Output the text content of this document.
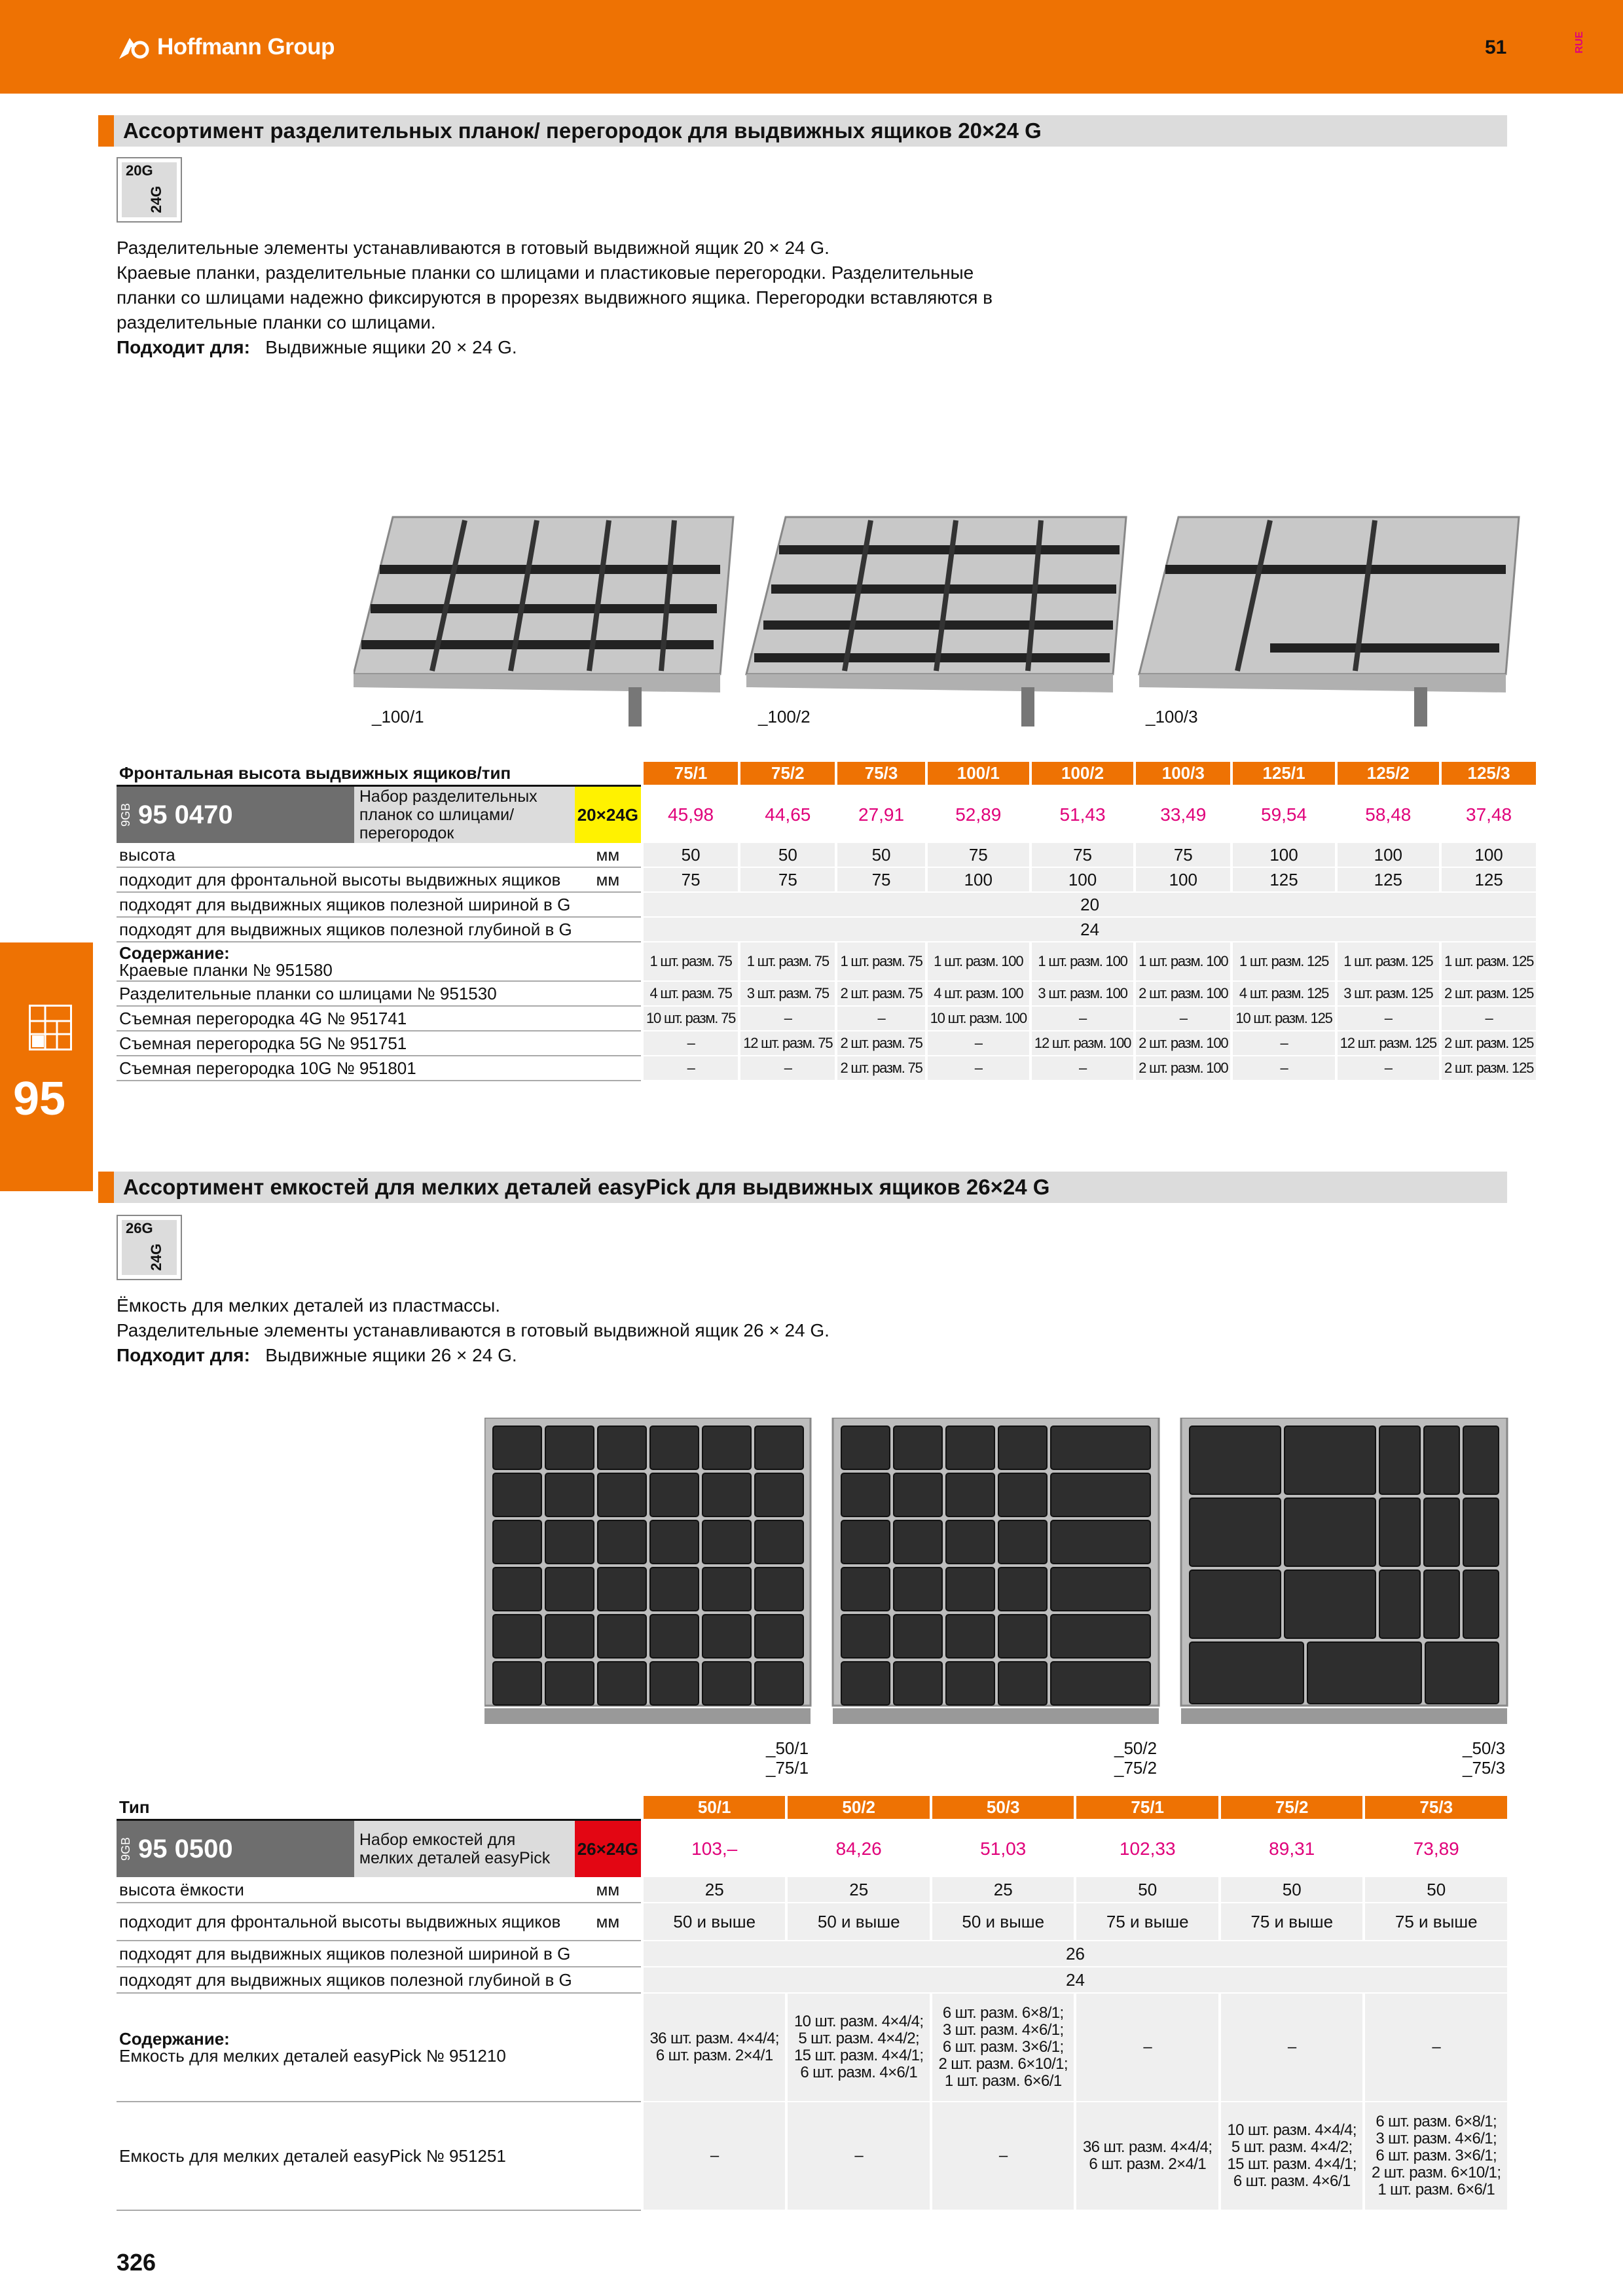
Hoffmann Group	51	RUE
Ассортимент разделительных планок/ перегородок для выдвижных ящиков 20×24 G
20G
24G
Разделительные элементы устанавливаются в готовый выдвижной ящик 20 × 24 G.
Краевые планки, разделительные планки со шлицами и пластиковые перегородки. Разделительные
планки со шлицами надежно фиксируются в прорезях выдвижного ящика. Перегородки вставляются в
разделительные планки со шлицами.
Подходит для: Выдвижные ящики 20 × 24 G.
_100/1	_100/2	_100/3
Фронтальная высота выдвижных ящиков/тип			75/1	75/2	75/3	100/1	100/2	100/3	125/1	125/2	125/3
9GB 95 0470	Набор разделительных планок со шлицами/перегородок	20×24G	45,98	44,65	27,91	52,89	51,43	33,49	59,54	58,48	37,48
высота		мм	50	50	50	75	75	75	100	100	100
подходит для фронтальной высоты выдвижных ящиков		мм	75	75	75	100	100	100	125	125	125
подходят для выдвижных ящиков полезной шириной в G			20								
подходят для выдвижных ящиков полезной глубиной в G			24								
Содержание:
Краевые планки № 951580			1 шт. разм. 75	1 шт. разм. 75	1 шт. разм. 75	1 шт. разм. 100	1 шт. разм. 100	1 шт. разм. 100	1 шт. разм. 125	1 шт. разм. 125	1 шт. разм. 125
Разделительные планки со шлицами № 951530			4 шт. разм. 75	3 шт. разм. 75	2 шт. разм. 75	4 шт. разм. 100	3 шт. разм. 100	2 шт. разм. 100	4 шт. разм. 125	3 шт. разм. 125	2 шт. разм. 125
Съемная перегородка 4G № 951741			10 шт. разм. 75	–	–	10 шт. разм. 100	–	–	10 шт. разм. 125	–	–
Съемная перегородка 5G № 951751			–	12 шт. разм. 75	2 шт. разм. 75	–	12 шт. разм. 100	2 шт. разм. 100	–	12 шт. разм. 125	2 шт. разм. 125
Съемная перегородка 10G № 951801			–	–	2 шт. разм. 75	–	–	2 шт. разм. 100	–	–	2 шт. разм. 125
95
Ассортимент емкостей для мелких деталей easyPick для выдвижных ящиков 26×24 G
26G
24G
Ёмкость для мелких деталей из пластмассы.
Разделительные элементы устанавливаются в готовый выдвижной ящик 26 × 24 G.
Подходит для: Выдвижные ящики 26 × 24 G.
_50/1
_75/1
_50/2
_75/2
_50/3
_75/3
Тип			50/1	50/2	50/3	75/1	75/2	75/3
9GB 95 0500	Набор емкостей для мелких деталей easyPick	26×24G	103,–	84,26	51,03	102,33	89,31	73,89
высота ёмкости		мм	25	25	25	50	50	50
подходит для фронтальной высоты выдвижных ящиков		мм	50 и выше	50 и выше	50 и выше	75 и выше	75 и выше	75 и выше
подходят для выдвижных ящиков полезной шириной в G			26					
подходят для выдвижных ящиков полезной глубиной в G			24					

Содержание:
Емкость для мелких деталей easyPick № 951210			36 шт. разм. 4×4/4;
6 шт. разм. 2×4/1	10 шт. разм. 4×4/4;
5 шт. разм. 4×4/2;
15 шт. разм. 4×4/1;
6 шт. разм. 4×6/1	6 шт. разм. 6×8/1;
3 шт. разм. 4×6/1;
6 шт. разм. 3×6/1;
2 шт. разм. 6×10/1;
1 шт. разм. 6×6/1	–	–	–
Емкость для мелких деталей easyPick № 951251			–	–	–	36 шт. разм. 4×4/4;
6 шт. разм. 2×4/1	10 шт. разм. 4×4/4;
5 шт. разм. 4×4/2;
15 шт. разм. 4×4/1;
6 шт. разм. 4×6/1	6 шт. разм. 6×8/1;
3 шт. разм. 4×6/1;
6 шт. разм. 3×6/1;
2 шт. разм. 6×10/1;
1 шт. разм. 6×6/1
326
